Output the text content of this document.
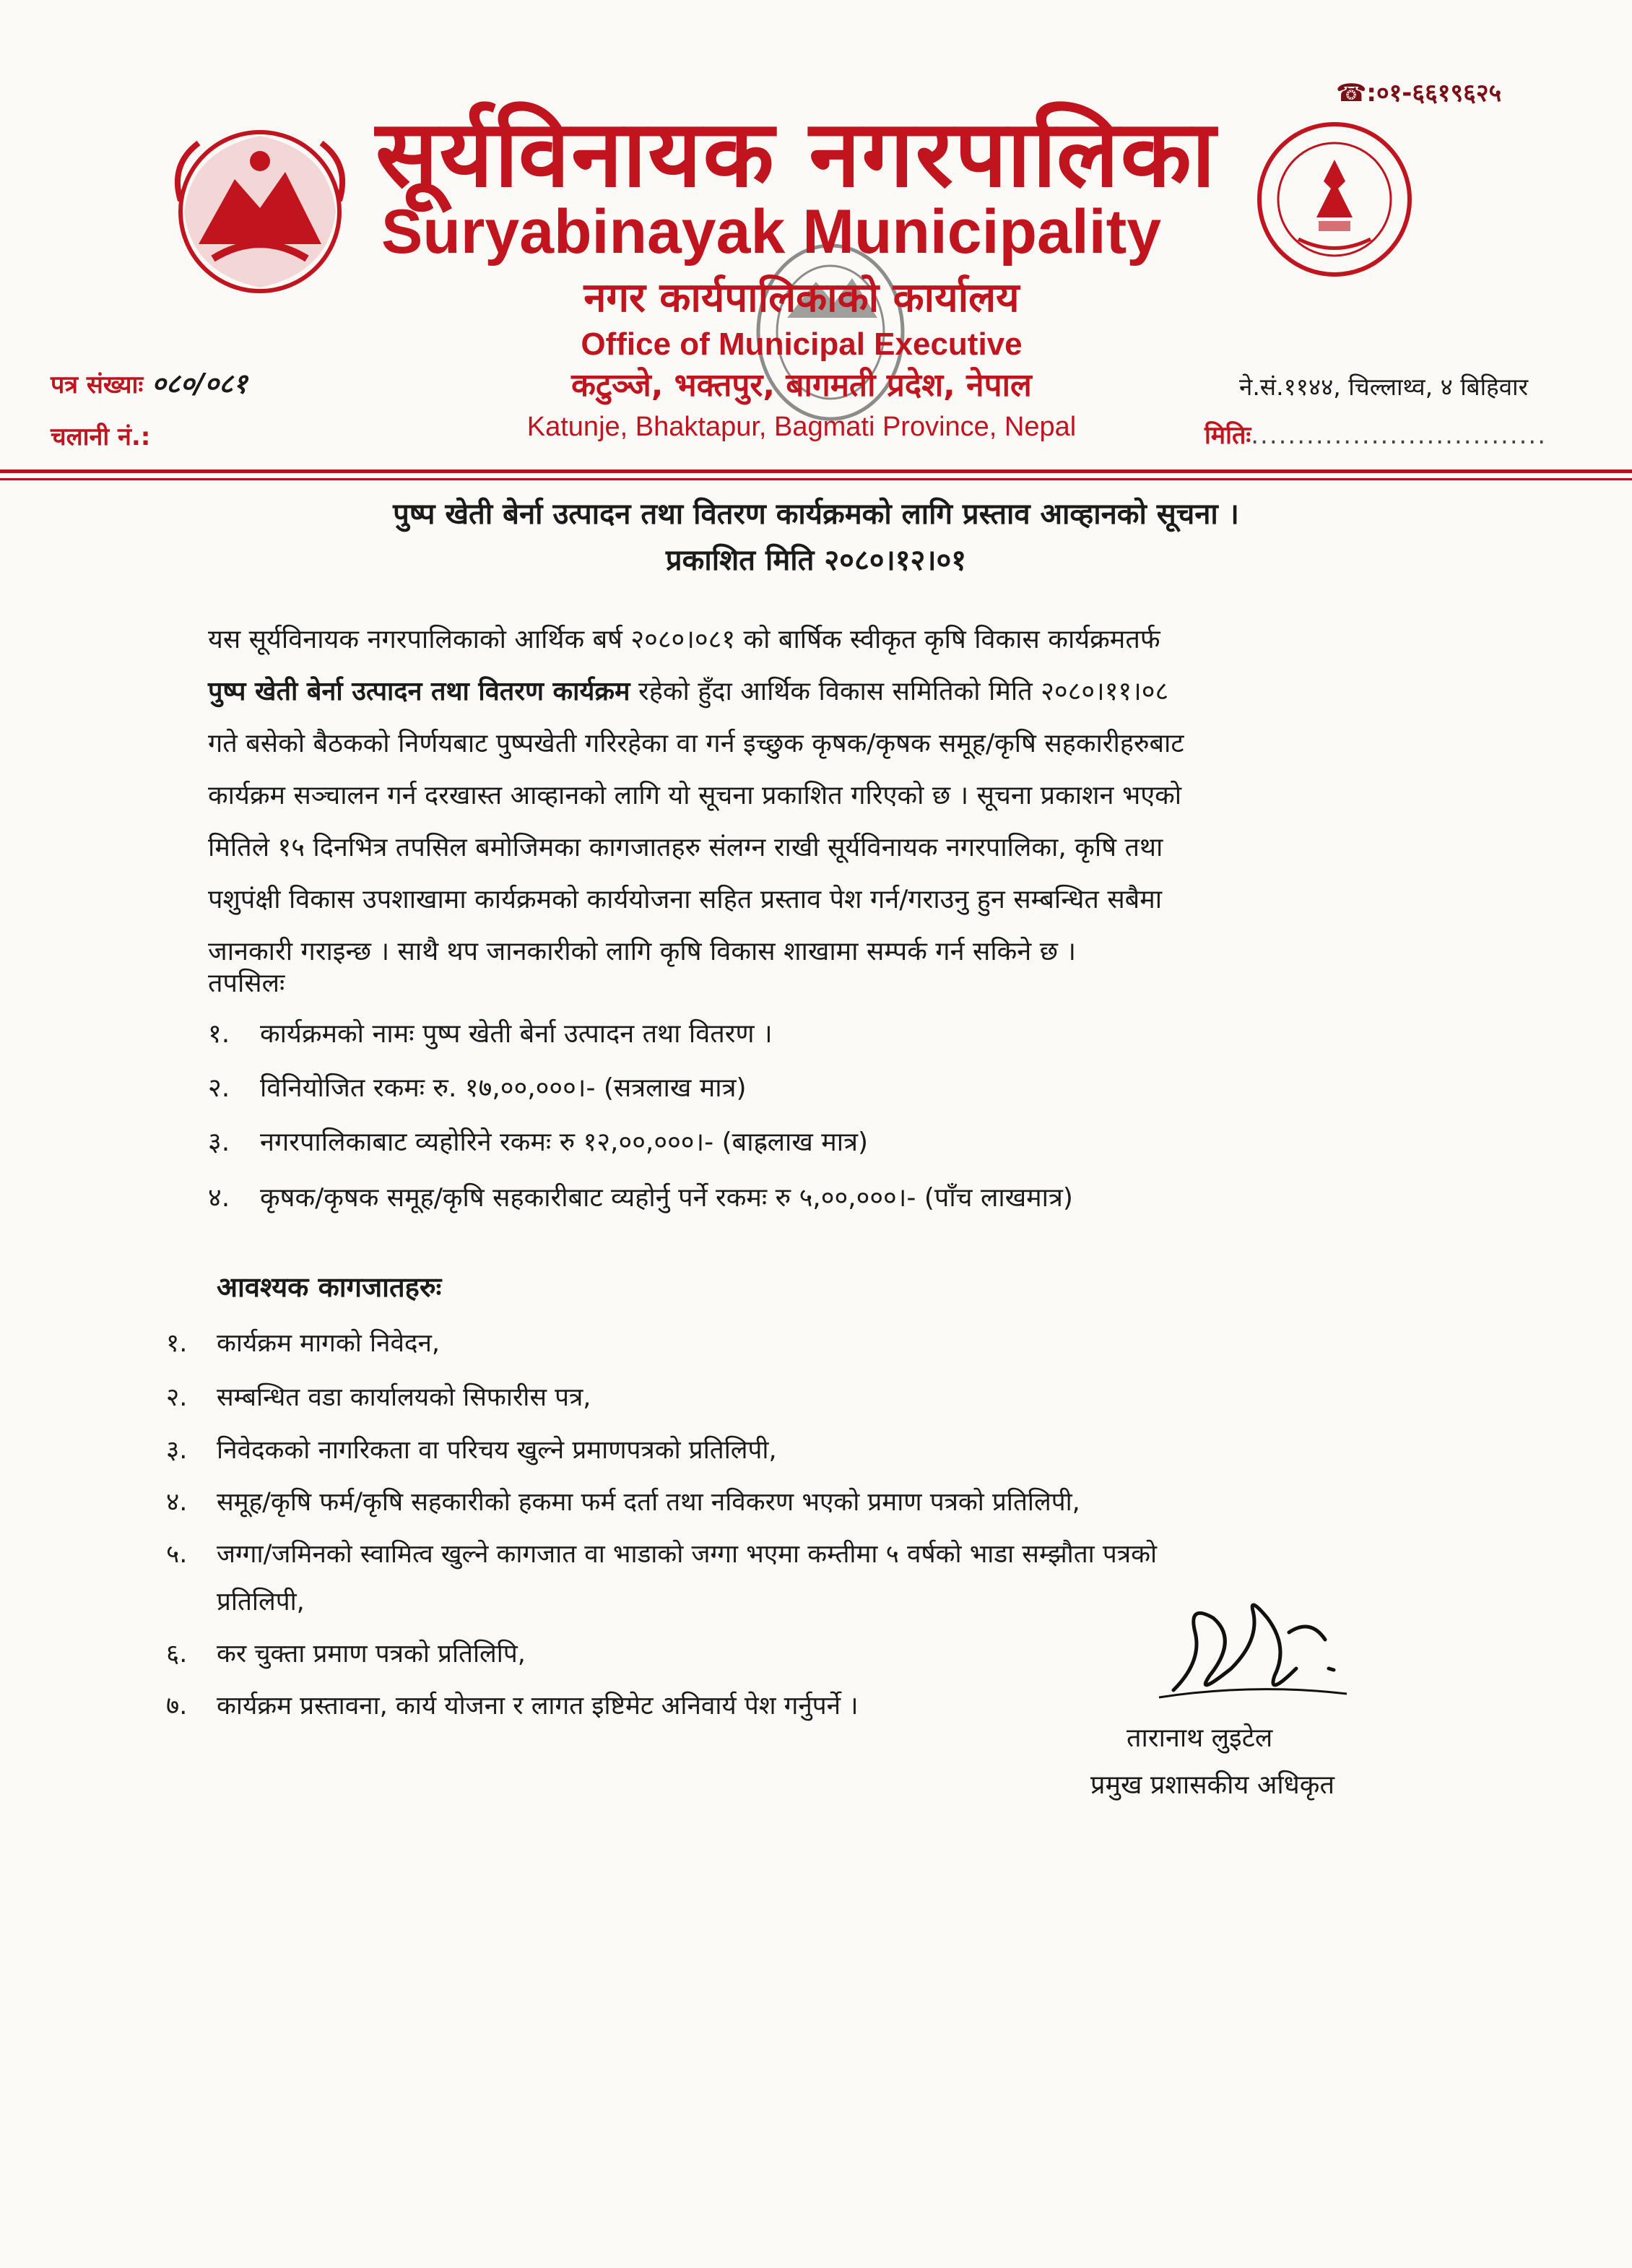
☎:०१-६६१९६२५
सूर्यविनायक नगरपालिका
Suryabinayak Municipality
नगर कार्यपालिकाको कार्यालय
Office of Municipal Executive
कटुञ्जे, भक्तपुर, बागमती प्रदेश, नेपाल
Katunje, Bhaktapur, Bagmati Province, Nepal
पत्र संख्याः ०८०/०८१
चलानी नं.:
ने.सं.११४४, चिल्लाथ्व, ४ बिहिवार
मितिः................................
पुष्प खेती बेर्ना उत्पादन तथा वितरण कार्यक्रमको लागि प्रस्ताव आव्हानको सूचना ।
प्रकाशित मिति २०८०।१२।०१
यस सूर्यविनायक नगरपालिकाको आर्थिक बर्ष २०८०।०८१ को बार्षिक स्वीकृत कृषि विकास कार्यक्रमतर्फ
पुष्प खेती बेर्ना उत्पादन तथा वितरण कार्यक्रम रहेको हुँदा आर्थिक विकास समितिको मिति २०८०।११।०८
गते बसेको बैठकको निर्णयबाट पुष्पखेती गरिरहेका वा गर्न इच्छुक कृषक/कृषक समूह/कृषि सहकारीहरुबाट
कार्यक्रम सञ्चालन गर्न दरखास्त आव्हानको लागि यो सूचना प्रकाशित गरिएको छ । सूचना प्रकाशन भएको
मितिले १५ दिनभित्र तपसिल बमोजिमका कागजातहरु संलग्न राखी सूर्यविनायक नगरपालिका, कृषि तथा
पशुपंक्षी विकास उपशाखामा कार्यक्रमको कार्ययोजना सहित प्रस्ताव पेश गर्न/गराउनु हुन सम्बन्धित सबैमा
जानकारी गराइन्छ । साथै थप जानकारीको लागि कृषि विकास शाखामा सम्पर्क गर्न सकिने छ ।
तपसिलः
१. कार्यक्रमको नामः पुष्प खेती बेर्ना उत्पादन तथा वितरण ।
२. विनियोजित रकमः रु. १७,००,०००।- (सत्रलाख मात्र)
३. नगरपालिकाबाट व्यहोरिने रकमः रु १२,००,०००।- (बाह्रलाख मात्र)
४. कृषक/कृषक समूह/कृषि सहकारीबाट व्यहोर्नु पर्ने रकमः रु ५,००,०००।- (पाँच लाखमात्र)
आवश्यक कागजातहरुः
१. कार्यक्रम मागको निवेदन,
२. सम्बन्धित वडा कार्यालयको सिफारीस पत्र,
३. निवेदकको नागरिकता वा परिचय खुल्ने प्रमाणपत्रको प्रतिलिपी,
४. समूह/कृषि फर्म/कृषि सहकारीको हकमा फर्म दर्ता तथा नविकरण भएको प्रमाण पत्रको प्रतिलिपी,
५. जग्गा/जमिनको स्वामित्व खुल्ने कागजात वा भाडाको जग्गा भएमा कम्तीमा ५ वर्षको भाडा सम्झौता पत्रको
प्रतिलिपी,
६. कर चुक्ता प्रमाण पत्रको प्रतिलिपि,
७. कार्यक्रम प्रस्तावना, कार्य योजना र लागत इष्टिमेट अनिवार्य पेश गर्नुपर्ने ।
तारानाथ लुइटेल
प्रमुख प्रशासकीय अधिकृत
